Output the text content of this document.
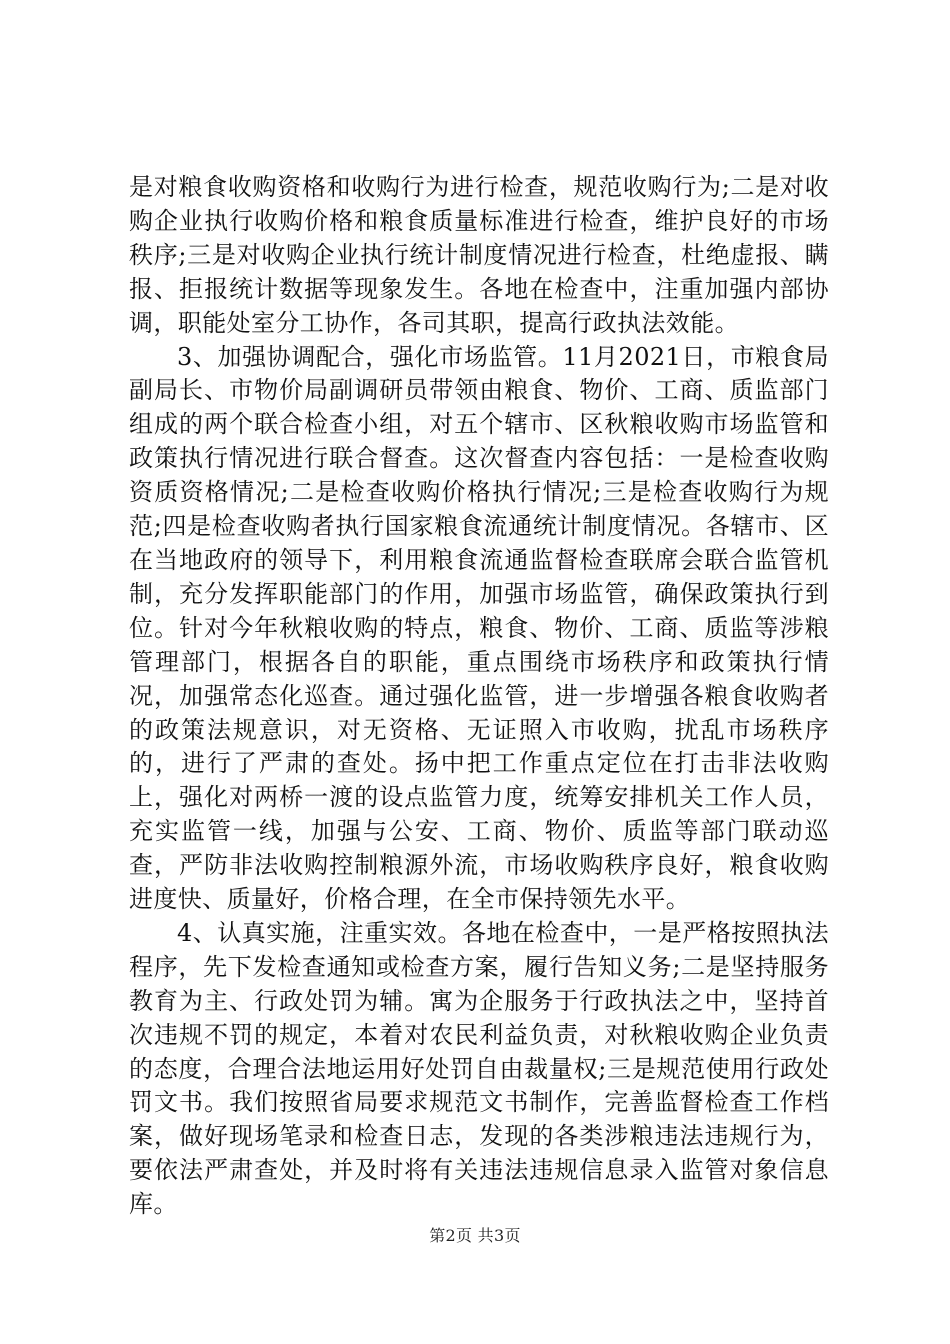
是对粮食收购资格和收购行为进行检查，规范收购行为;二是对收购企业执行收购价格和粮食质量标准进行检查，维护良好的市场秩序;三是对收购企业执行统计制度情况进行检查，杜绝虚报、瞒报、拒报统计数据等现象发生。各地在检查中，注重加强内部协调，职能处室分工协作，各司其职，提高行政执法效能。

3、加强协调配合，强化市场监管。11月2021日，市粮食局副局长、市物价局副调研员带领由粮食、物价、工商、质监部门组成的两个联合检查小组，对五个辖市、区秋粮收购市场监管和政策执行情况进行联合督查。这次督查内容包括：一是检查收购资质资格情况;二是检查收购价格执行情况;三是检查收购行为规范;四是检查收购者执行国家粮食流通统计制度情况。各辖市、区在当地政府的领导下，利用粮食流通监督检查联席会联合监管机制，充分发挥职能部门的作用，加强市场监管，确保政策执行到位。针对今年秋粮收购的特点，粮食、物价、工商、质监等涉粮管理部门，根据各自的职能，重点围绕市场秩序和政策执行情况，加强常态化巡查。通过强化监管，进一步增强各粮食收购者的政策法规意识，对无资格、无证照入市收购，扰乱市场秩序的，进行了严肃的查处。扬中把工作重点定位在打击非法收购上，强化对两桥一渡的设点监管力度，统筹安排机关工作人员，充实监管一线，加强与公安、工商、物价、质监等部门联动巡查，严防非法收购控制粮源外流，市场收购秩序良好，粮食收购进度快、质量好，价格合理，在全市保持领先水平。

4、认真实施，注重实效。各地在检查中，一是严格按照执法程序，先下发检查通知或检查方案，履行告知义务;二是坚持服务教育为主、行政处罚为辅。寓为企服务于行政执法之中，坚持首次违规不罚的规定，本着对农民利益负责，对秋粮收购企业负责的态度，合理合法地运用好处罚自由裁量权;三是规范使用行政处罚文书。我们按照省局要求规范文书制作，完善监督检查工作档案，做好现场笔录和检查日志，发现的各类涉粮违法违规行为，要依法严肃查处，并及时将有关违法违规信息录入监管对象信息库。

第2页 共3页
